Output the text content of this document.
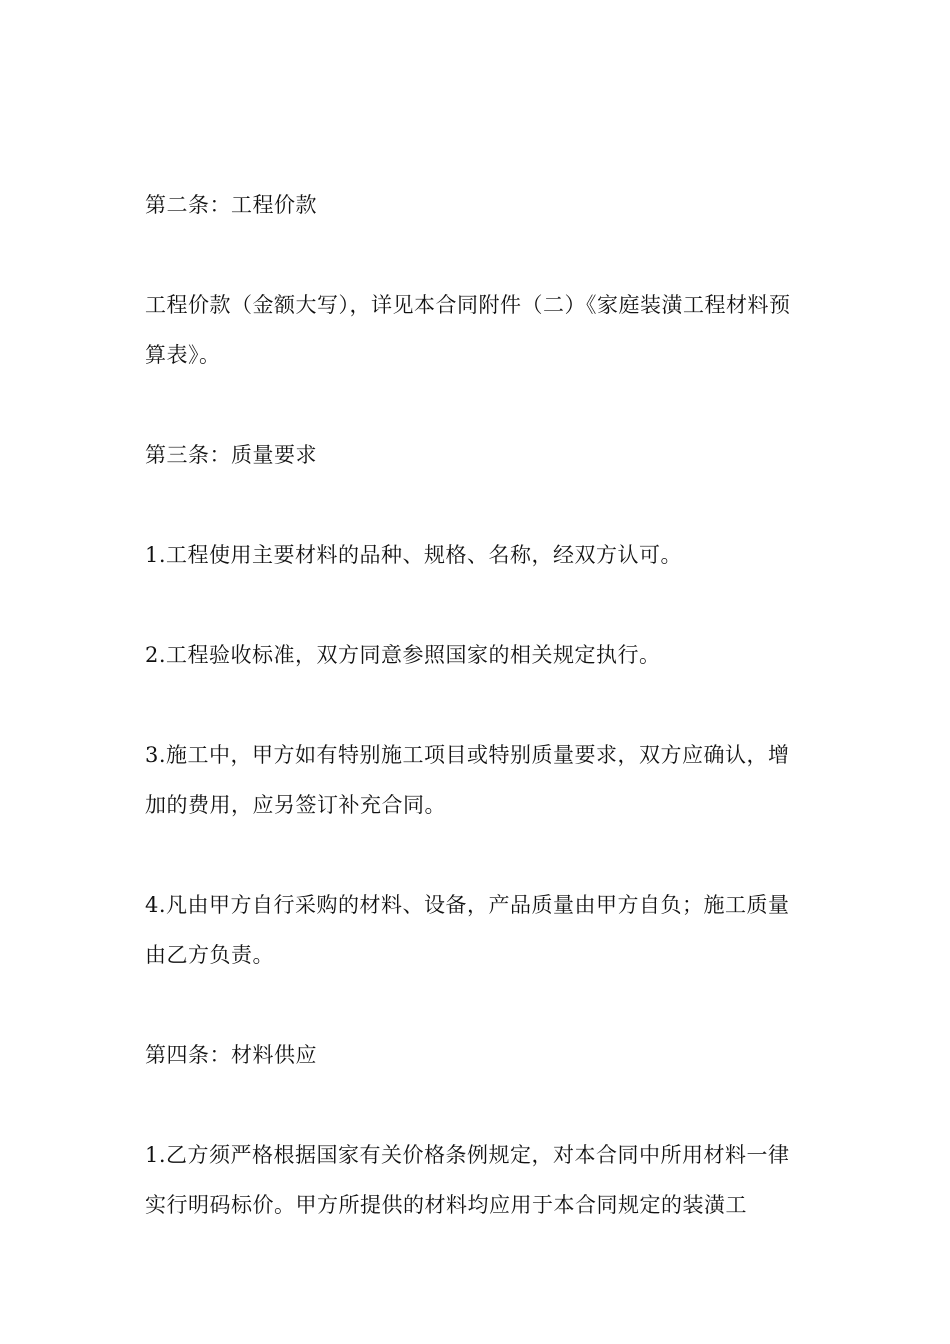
第二条：工程价款

工程价款（金额大写），详见本合同附件（二）《家庭装潢工程材料预算表》。

第三条：质量要求

1.工程使用主要材料的品种、规格、名称，经双方认可。

2.工程验收标准，双方同意参照国家的相关规定执行。

3.施工中，甲方如有特别施工项目或特别质量要求，双方应确认，增加的费用，应另签订补充合同。

4.凡由甲方自行采购的材料、设备，产品质量由甲方自负；施工质量由乙方负责。

第四条：材料供应

1.乙方须严格根据国家有关价格条例规定，对本合同中所用材料一律实行明码标价。甲方所提供的材料均应用于本合同规定的装潢工
